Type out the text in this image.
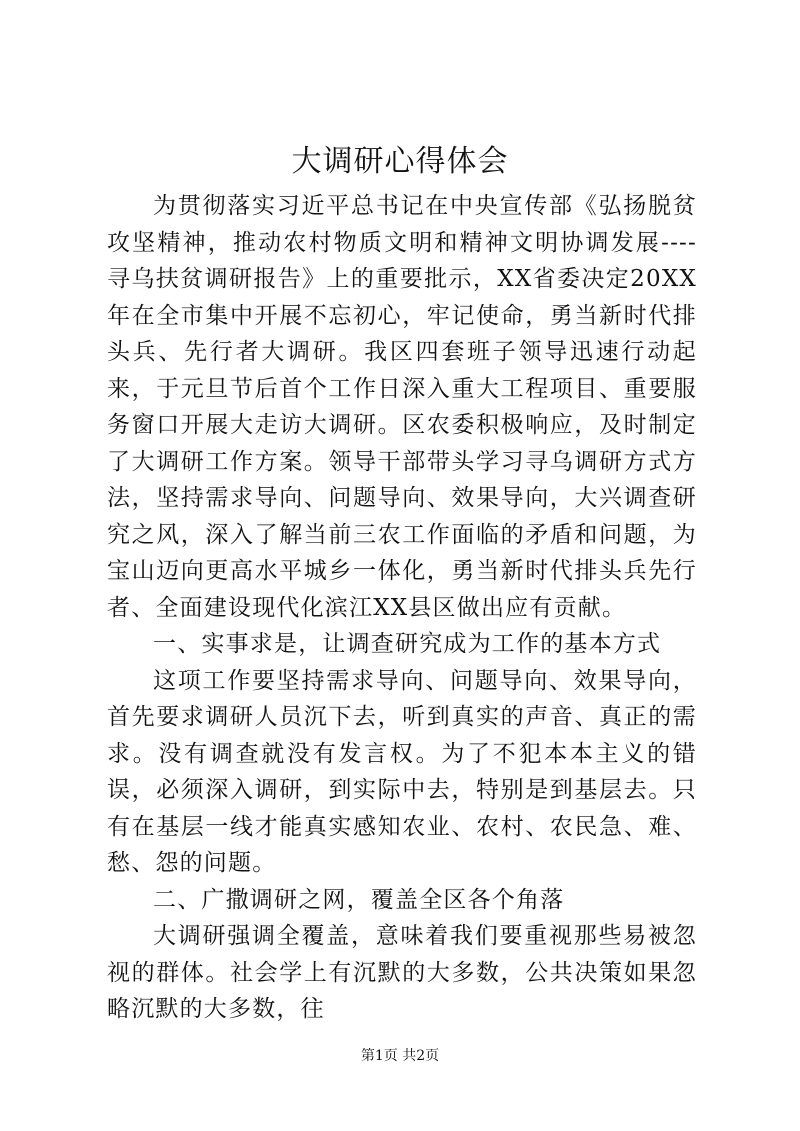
大调研心得体会

为贯彻落实习近平总书记在中央宣传部《弘扬脱贫攻坚精神，推动农村物质文明和精神文明协调发展----寻乌扶贫调研报告》上的重要批示，XX省委决定20XX年在全市集中开展不忘初心，牢记使命，勇当新时代排头兵、先行者大调研。我区四套班子领导迅速行动起来，于元旦节后首个工作日深入重大工程项目、重要服务窗口开展大走访大调研。区农委积极响应，及时制定了大调研工作方案。领导干部带头学习寻乌调研方式方法，坚持需求导向、问题导向、效果导向，大兴调查研究之风，深入了解当前三农工作面临的矛盾和问题，为宝山迈向更高水平城乡一体化，勇当新时代排头兵先行者、全面建设现代化滨江XX县区做出应有贡献。

一、实事求是，让调查研究成为工作的基本方式

这项工作要坚持需求导向、问题导向、效果导向，首先要求调研人员沉下去，听到真实的声音、真正的需求。没有调查就没有发言权。为了不犯本本主义的错误，必须深入调研，到实际中去，特别是到基层去。只有在基层一线才能真实感知农业、农村、农民急、难、愁、怨的问题。

二、广撒调研之网，覆盖全区各个角落

大调研强调全覆盖，意味着我们要重视那些易被忽视的群体。社会学上有沉默的大多数，公共决策如果忽略沉默的大多数，往

第1页 共2页
